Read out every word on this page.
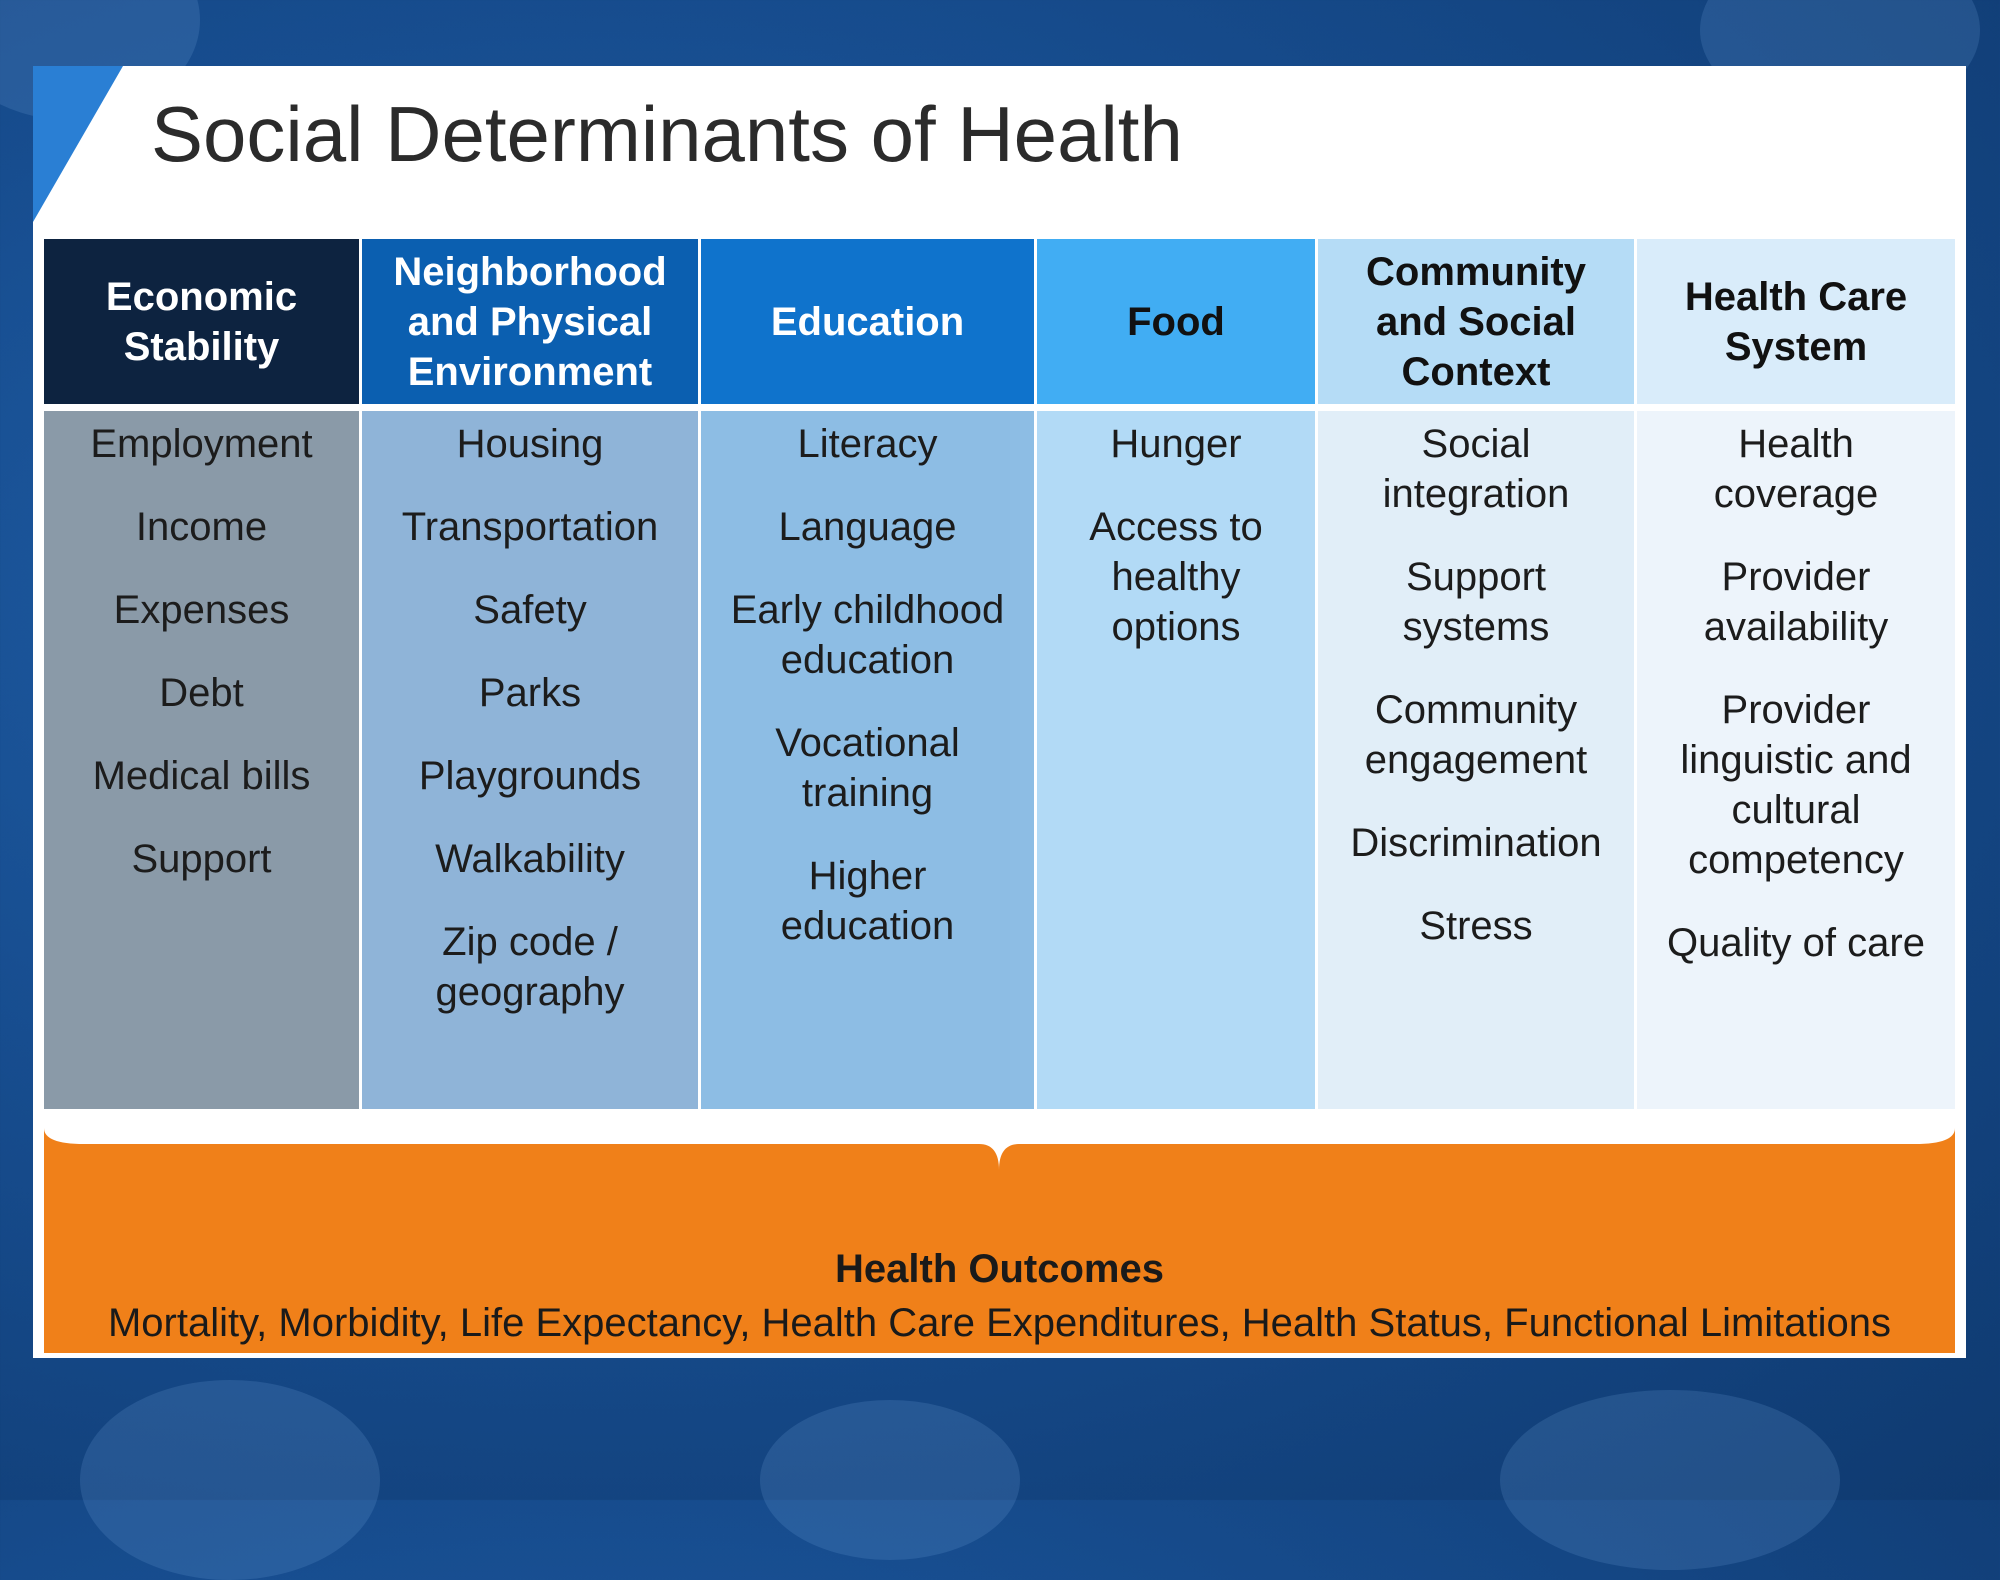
Social Determinants of Health
Economic Stability
Employment
Income
Expenses
Debt
Medical bills
Support
Neighborhood and Physical Environment
Housing
Transportation
Safety
Parks
Playgrounds
Walkability
Zip code /
geography
Education
Literacy
Language
Early childhood
education
Vocational
training
Higher
education
Food
Hunger
Access to
healthy
options
Community and Social Context
Social
integration
Support
systems
Community
engagement
Discrimination
Stress
Health Care System
Health
coverage
Provider
availability
Provider
linguistic and
cultural
competency
Quality of care
Health Outcomes
Mortality, Morbidity, Life Expectancy, Health Care Expenditures, Health Status, Functional Limitations
